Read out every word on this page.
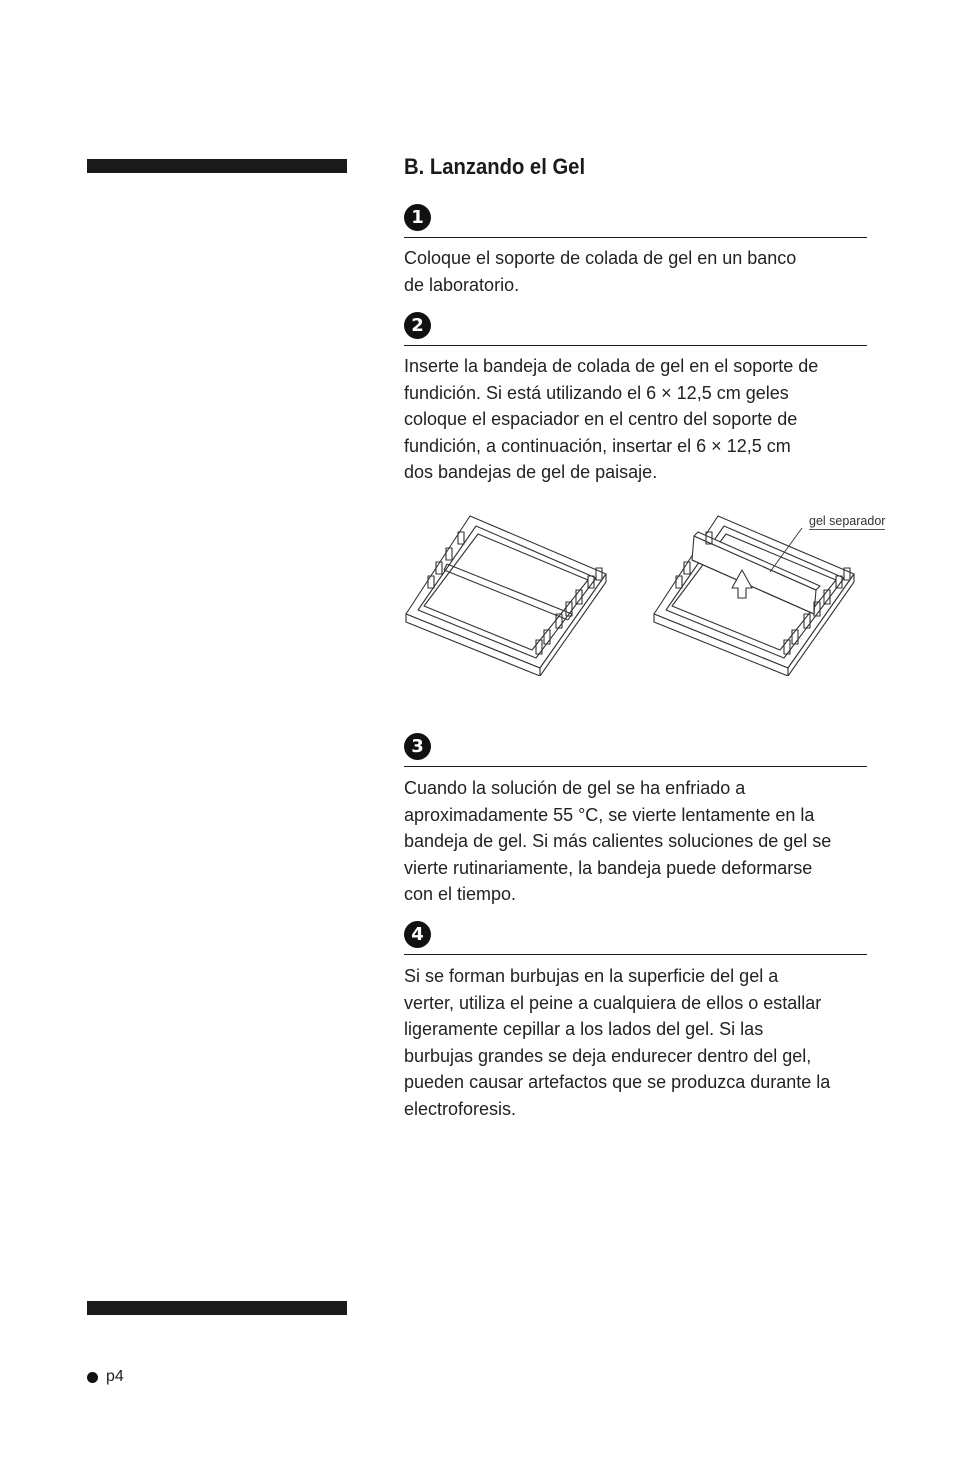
B. Lanzando el Gel
1

Coloque el soporte de colada de gel en un banco
de laboratorio.

2

Inserte la bandeja de colada de gel en el soporte de
fundición. Si está utilizando el 6 × 12,5 cm geles
coloque el espaciador en el centro del soporte de
fundición, a continuación, insertar el 6 × 12,5 cm
dos bandejas de gel de paisaje.

gel separador
3

Cuando la solución de gel se ha enfriado a
aproximadamente 55 °C, se vierte lentamente en la
bandeja de gel. Si más calientes soluciones de gel se
vierte rutinariamente, la bandeja puede deformarse
con el tiempo.

4

Si se forman burbujas en la superficie del gel a
verter, utiliza el peine a cualquiera de ellos o estallar
ligeramente cepillar a los lados del gel. Si las
burbujas grandes se deja endurecer dentro del gel,
pueden causar artefactos que se produzca durante la
electroforesis.

p4
